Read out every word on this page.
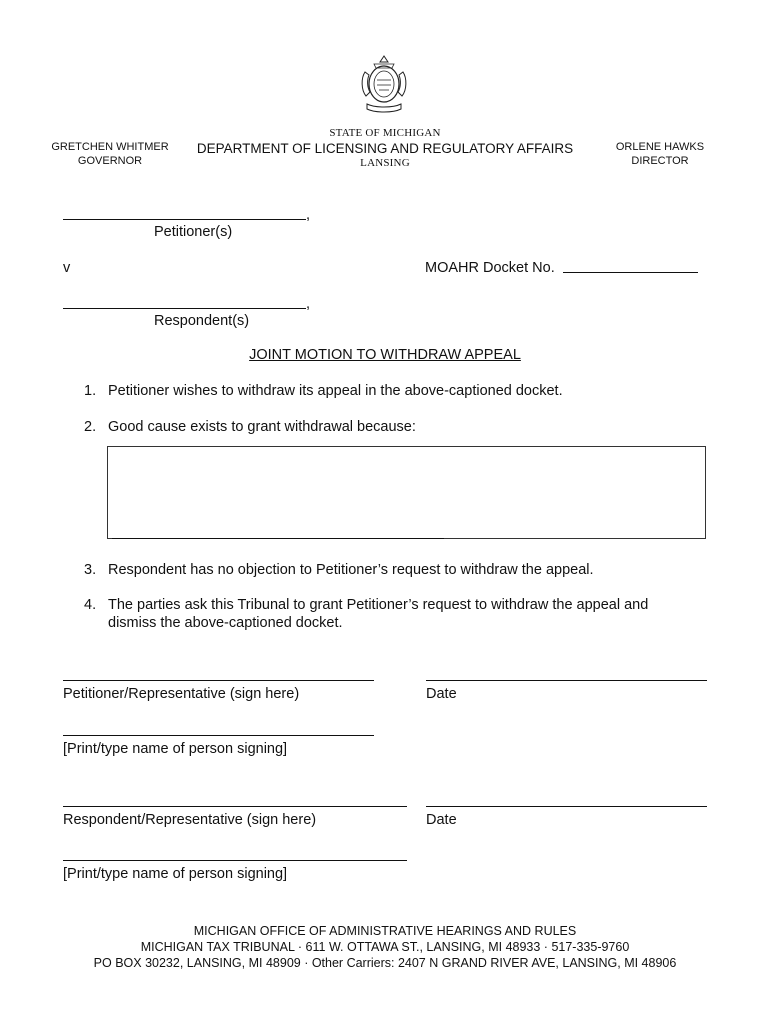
GRETCHEN WHITMER
GOVERNOR
STATE OF MICHIGAN
DEPARTMENT OF LICENSING AND REGULATORY AFFAIRS
LANSING
ORLENE HAWKS
DIRECTOR
,
Petitioner(s)
v	MOAHR Docket No.
,
Respondent(s)
JOINT MOTION TO WITHDRAW APPEAL
1. Petitioner wishes to withdraw its appeal in the above-captioned docket.
2. Good cause exists to grant withdrawal because:
3. Respondent has no objection to Petitioner’s request to withdraw the appeal.
4. The parties ask this Tribunal to grant Petitioner’s request to withdraw the appeal and
dismiss the above-captioned docket.
Petitioner/Representative (sign here)	Date
[Print/type name of person signing]
Respondent/Representative (sign here)	Date
[Print/type name of person signing]
MICHIGAN OFFICE OF ADMINISTRATIVE HEARINGS AND RULES
MICHIGAN TAX TRIBUNAL · 611 W. OTTAWA ST., LANSING, MI 48933 · 517-335-9760
PO BOX 30232, LANSING, MI 48909 · Other Carriers: 2407 N GRAND RIVER AVE, LANSING, MI 48906
